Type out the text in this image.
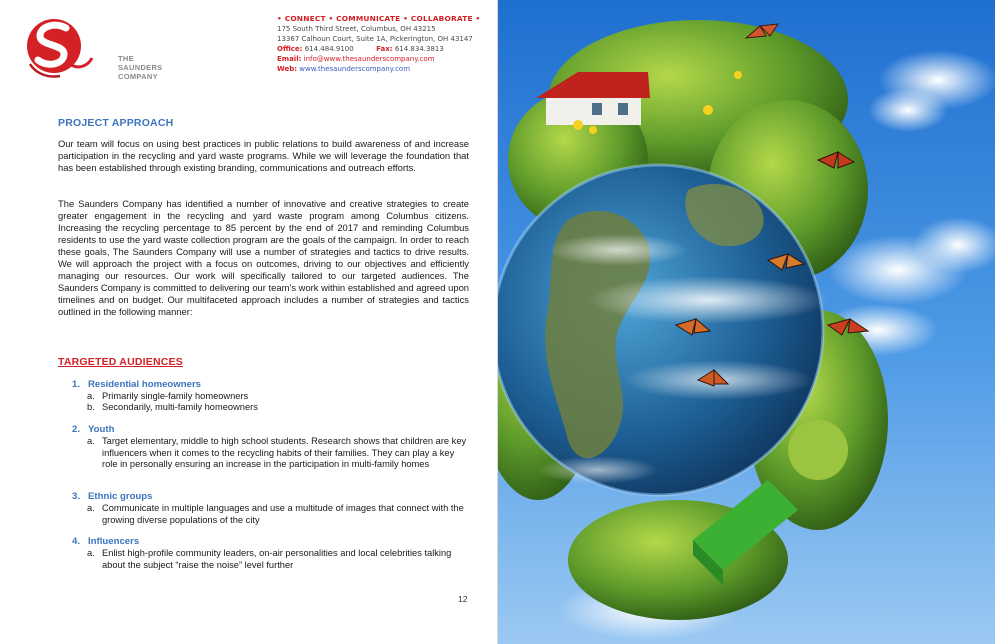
THE
SAUNDERS
COMPANY
• CONNECT • COMMUNICATE • COLLABORATE •
175 South Third Street, Columbus, OH 43215
13367 Calhoun Court, Suite 1A, Pickerington, OH 43147
Office: 614.484.9100	Fax: 614.834.3813
Email: info@www.thesaunderscompany.com
Web: www.thesaunderscompany.com
PROJECT APPROACH

Our team will focus on using best practices in public relations to build awareness of and increase participation in the recycling and yard waste programs. While we will leverage the foundation that has been established through existing branding, communications and outreach efforts.

The Saunders Company has identified a number of innovative and creative strategies to create greater engagement in the recycling and yard waste program among Columbus citizens. Increasing the recycling percentage to 85 percent by the end of 2017 and reminding Columbus residents to use the yard waste collection program are the goals of the campaign. In order to reach these goals, The Saunders Company will use a number of strategies and tactics to drive results. We will approach the project with a focus on outcomes, driving to our objectives and efficiently managing our resources. Our work will specifically tailored to our targeted audiences. The Saunders Company is committed to delivering our team’s work within established and agreed upon timelines and on budget. Our multifaceted approach includes a number of strategies and tactics outlined in the following manner:

TARGETED AUDIENCES
1. Residential homeowners
a. Primarily single-family homeowners
b. Secondarily, multi-family homeowners
2. Youth
a. Target elementary, middle to high school students. Research shows that children are key influencers when it comes to the recycling habits of their families. They can play a key role in personally ensuring an increase in the participation in multi-family homes
3. Ethnic groups
a. Communicate in multiple languages and use a multitude of images that connect with the growing diverse populations of the city
4. Influencers
a. Enlist high-profile community leaders, on-air personalities and local celebrities talking about the subject “raise the noise” level further
12
